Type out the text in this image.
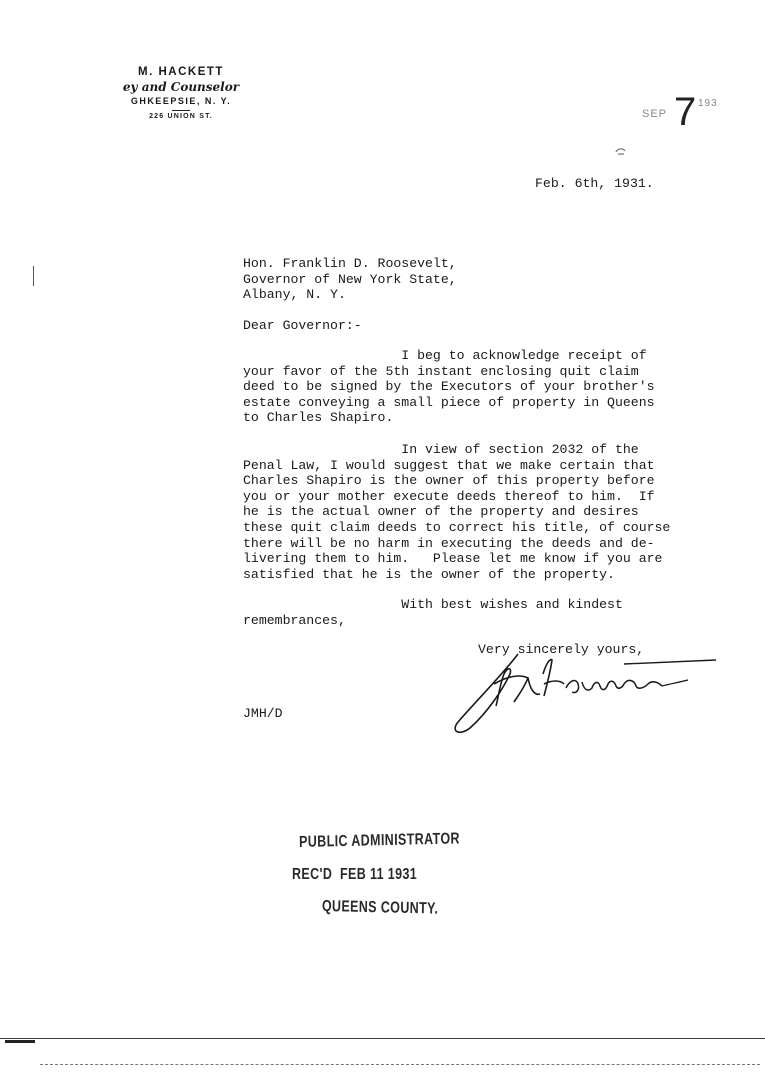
M. HACKETT
ey and Counselor
GHKEEPSIE, N. Y.
226 UNION ST.	SEP 7 193
Feb. 6th, 1931.
Hon. Franklin D. Roosevelt,
Governor of New York State,
Albany, N. Y.
Dear Governor:-
I beg to acknowledge receipt of
your favor of the 5th instant enclosing quit claim
deed to be signed by the Executors of your brother's
estate conveying a small piece of property in Queens
to Charles Shapiro.
In view of section 2032 of the
Penal Law, I would suggest that we make certain that
Charles Shapiro is the owner of this property before
you or your mother execute deeds thereof to him.  If
he is the actual owner of the property and desires
these quit claim deeds to correct his title, of course
there will be no harm in executing the deeds and de-
livering them to him.   Please let me know if you are
satisfied that he is the owner of the property.
With best wishes and kindest
remembrances,
Very sincerely yours,
JMH/D
PUBLIC ADMINISTRATOR
REC'D  FEB 11 1931
QUEENS COUNTY.
